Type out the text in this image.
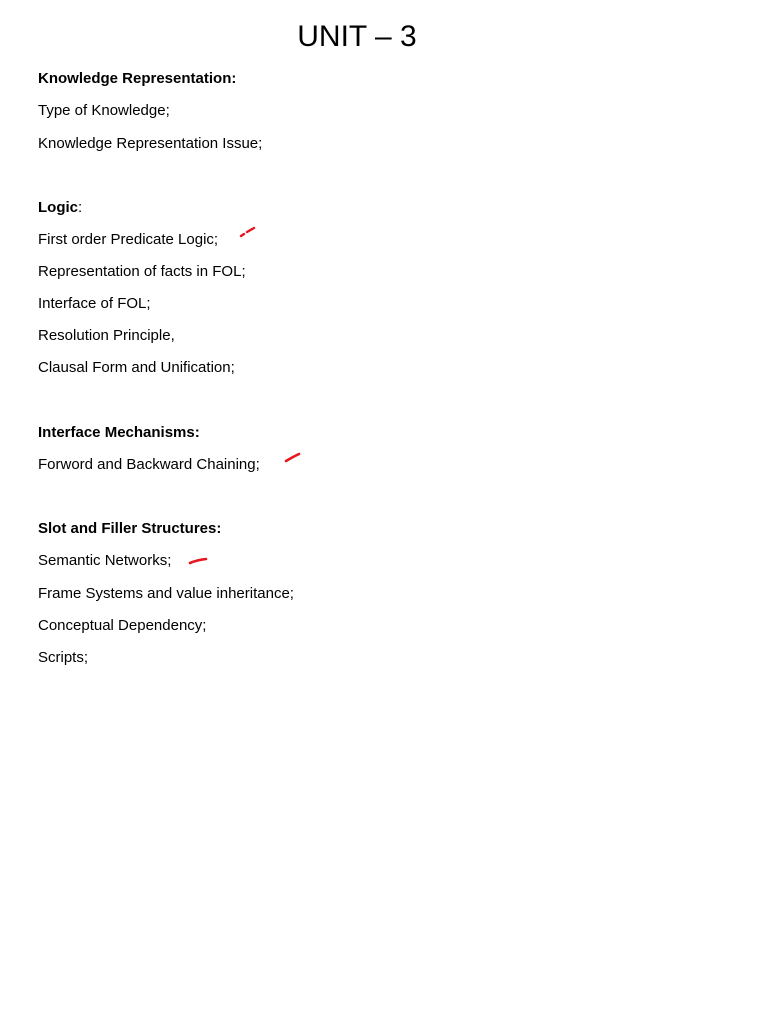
UNIT – 3
Knowledge Representation:
Type of Knowledge;
Knowledge Representation Issue;
Logic:
First order Predicate Logic;
Representation of facts in FOL;
Interface of FOL;
Resolution Principle,
Clausal Form and Unification;
Interface Mechanisms:
Forword and Backward Chaining;
Slot and Filler Structures:
Semantic Networks;
Frame Systems and value inheritance;
Conceptual Dependency;
Scripts;
